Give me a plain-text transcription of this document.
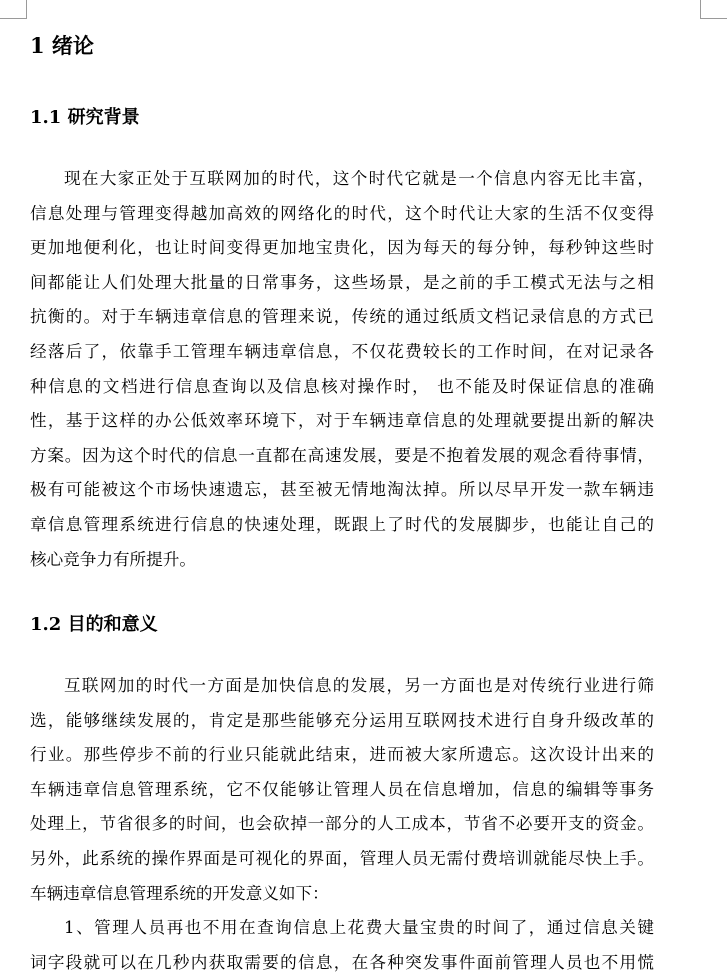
1 绪论
1.1 研究背景
现在大家正处于互联网加的时代，这个时代它就是一个信息内容无比丰富，
信息处理与管理变得越加高效的网络化的时代，这个时代让大家的生活不仅变得
更加地便利化，也让时间变得更加地宝贵化，因为每天的每分钟，每秒钟这些时
间都能让人们处理大批量的日常事务，这些场景，是之前的手工模式无法与之相
抗衡的。对于车辆违章信息的管理来说，传统的通过纸质文档记录信息的方式已
经落后了，依靠手工管理车辆违章信息，不仅花费较长的工作时间，在对记录各
种信息的文档进行信息查询以及信息核对操作时， 也不能及时保证信息的准确
性，基于这样的办公低效率环境下，对于车辆违章信息的处理就要提出新的解决
方案。因为这个时代的信息一直都在高速发展，要是不抱着发展的观念看待事情，
极有可能被这个市场快速遗忘，甚至被无情地淘汰掉。所以尽早开发一款车辆违
章信息管理系统进行信息的快速处理，既跟上了时代的发展脚步，也能让自己的
核心竞争力有所提升。
1.2 目的和意义
互联网加的时代一方面是加快信息的发展，另一方面也是对传统行业进行筛
选，能够继续发展的，肯定是那些能够充分运用互联网技术进行自身升级改革的
行业。那些停步不前的行业只能就此结束，进而被大家所遗忘。这次设计出来的
车辆违章信息管理系统，它不仅能够让管理人员在信息增加，信息的编辑等事务
处理上，节省很多的时间，也会砍掉一部分的人工成本，节省不必要开支的资金。
另外，此系统的操作界面是可视化的界面，管理人员无需付费培训就能尽快上手。
车辆违章信息管理系统的开发意义如下：
1、管理人员再也不用在查询信息上花费大量宝贵的时间了，通过信息关键
词字段就可以在几秒内获取需要的信息，在各种突发事件面前管理人员也不用慌
